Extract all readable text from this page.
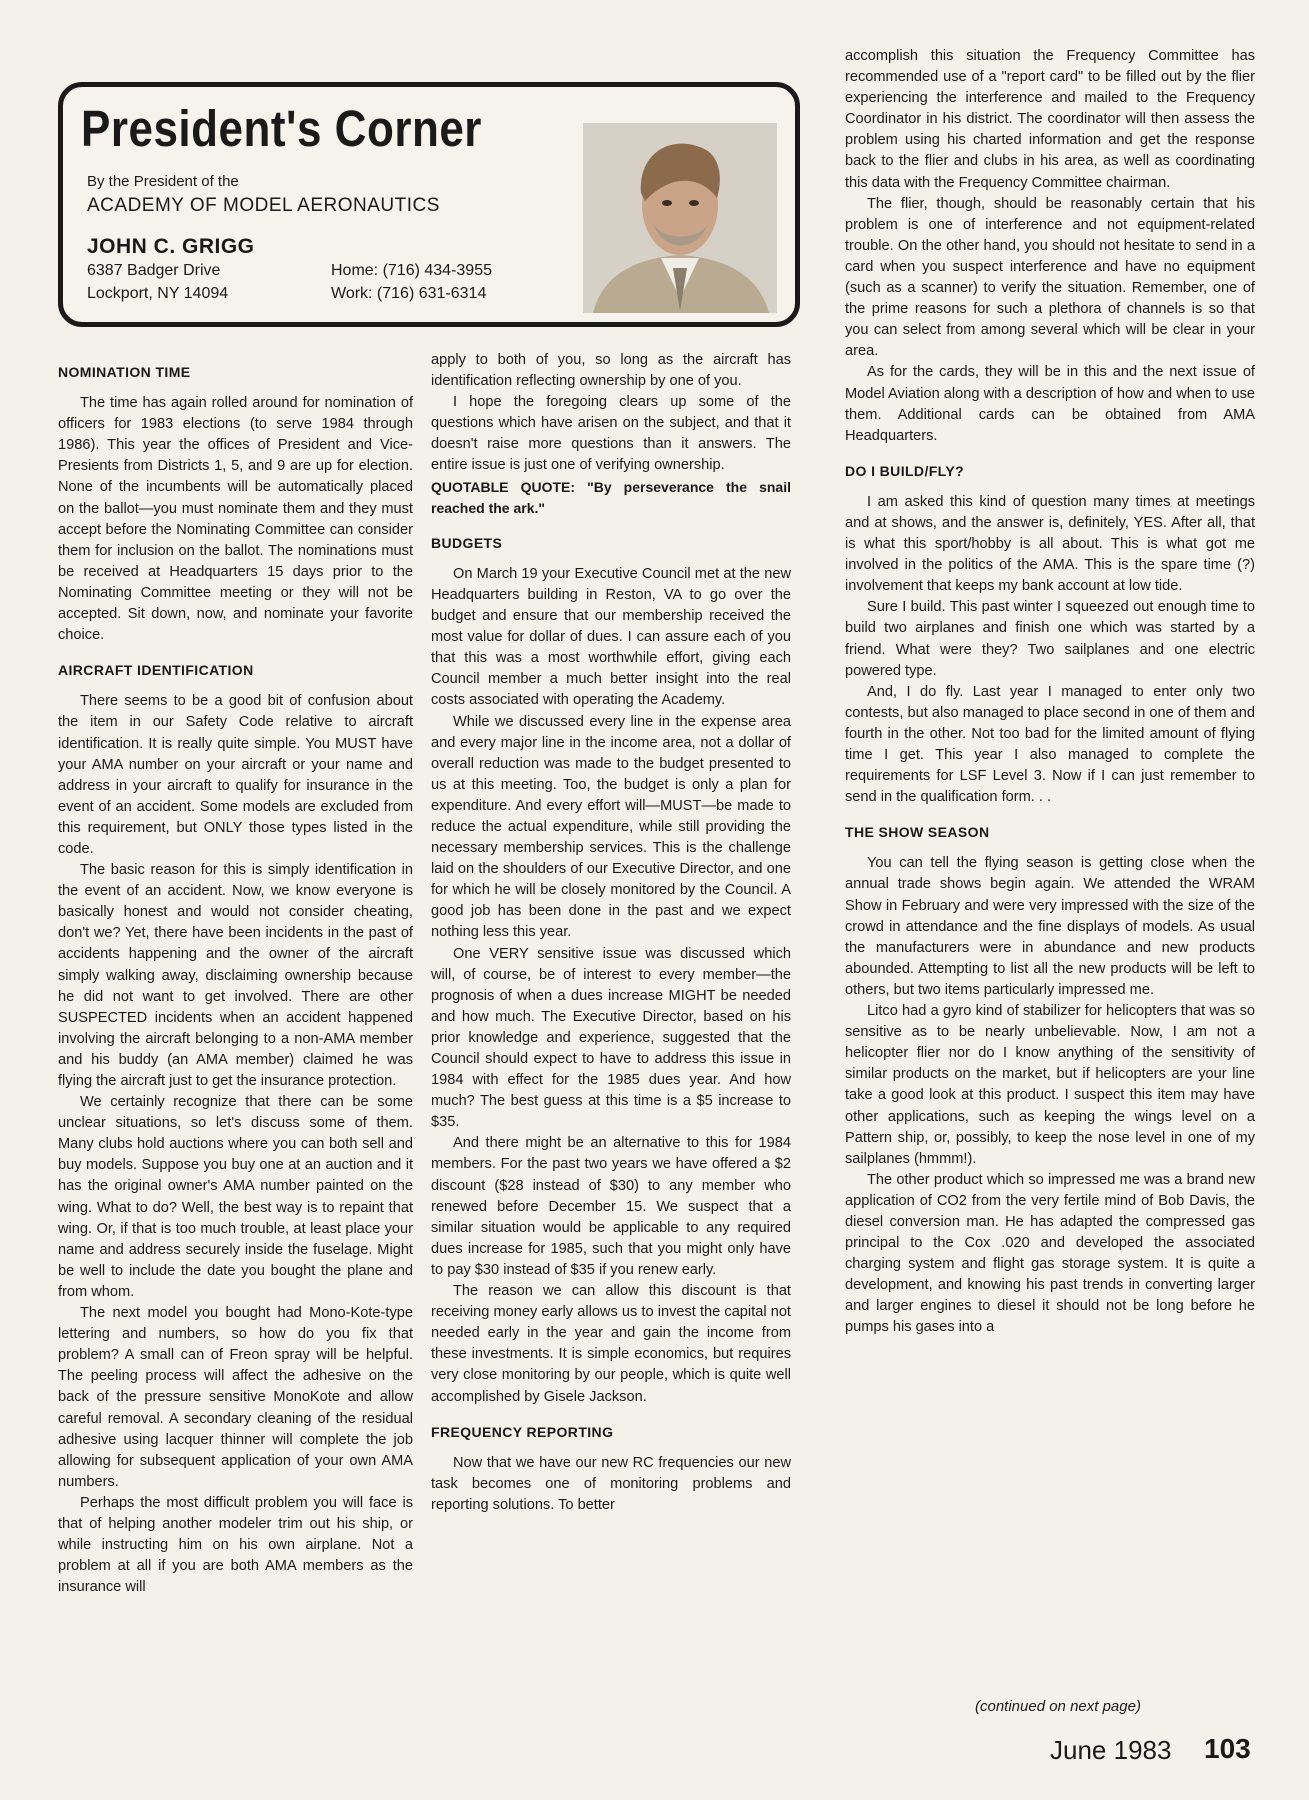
President's Corner
By the President of the
ACADEMY OF MODEL AERONAUTICS
JOHN C. GRIGG
6387 Badger Drive
Lockport, NY 14094
Home: (716) 434-3955
Work: (716) 631-6314
NOMINATION TIME

The time has again rolled around for nomination of officers for 1983 elections (to serve 1984 through 1986). This year the offices of President and Vice-Presients from Districts 1, 5, and 9 are up for election. None of the incumbents will be automatically placed on the ballot—you must nominate them and they must accept before the Nominating Committee can consider them for inclusion on the ballot. The nominations must be received at Headquarters 15 days prior to the Nominating Committee meeting or they will not be accepted. Sit down, now, and nominate your favorite choice.

AIRCRAFT IDENTIFICATION

There seems to be a good bit of confusion about the item in our Safety Code relative to aircraft identification. It is really quite simple. You MUST have your AMA number on your aircraft or your name and address in your aircraft to qualify for insurance in the event of an accident. Some models are excluded from this requirement, but ONLY those types listed in the code.

The basic reason for this is simply identification in the event of an accident. Now, we know everyone is basically honest and would not consider cheating, don't we? Yet, there have been incidents in the past of accidents happening and the owner of the aircraft simply walking away, disclaiming ownership because he did not want to get involved. There are other SUSPECTED incidents when an accident happened involving the aircraft belonging to a non-AMA member and his buddy (an AMA member) claimed he was flying the aircraft just to get the insurance protection.

We certainly recognize that there can be some unclear situations, so let's discuss some of them. Many clubs hold auctions where you can both sell and buy models. Suppose you buy one at an auction and it has the original owner's AMA number painted on the wing. What to do? Well, the best way is to repaint that wing. Or, if that is too much trouble, at least place your name and address securely inside the fuselage. Might be well to include the date you bought the plane and from whom.

The next model you bought had Mono-Kote-type lettering and numbers, so how do you fix that problem? A small can of Freon spray will be helpful. The peeling process will affect the adhesive on the back of the pressure sensitive MonoKote and allow careful removal. A secondary cleaning of the residual adhesive using lacquer thinner will complete the job allowing for subsequent application of your own AMA numbers.

Perhaps the most difficult problem you will face is that of helping another modeler trim out his ship, or while instructing him on his own airplane. Not a problem at all if you are both AMA members as the insurance will

apply to both of you, so long as the aircraft has identification reflecting ownership by one of you.

I hope the foregoing clears up some of the questions which have arisen on the subject, and that it doesn't raise more questions than it answers. The entire issue is just one of verifying ownership.

QUOTABLE QUOTE: "By perseverance the snail reached the ark."

BUDGETS

On March 19 your Executive Council met at the new Headquarters building in Reston, VA to go over the budget and ensure that our membership received the most value for dollar of dues. I can assure each of you that this was a most worthwhile effort, giving each Council member a much better insight into the real costs associated with operating the Academy.

While we discussed every line in the expense area and every major line in the income area, not a dollar of overall reduction was made to the budget presented to us at this meeting. Too, the budget is only a plan for expenditure. And every effort will—MUST—be made to reduce the actual expenditure, while still providing the necessary membership services. This is the challenge laid on the shoulders of our Executive Director, and one for which he will be closely monitored by the Council. A good job has been done in the past and we expect nothing less this year.

One VERY sensitive issue was discussed which will, of course, be of interest to every member—the prognosis of when a dues increase MIGHT be needed and how much. The Executive Director, based on his prior knowledge and experience, suggested that the Council should expect to have to address this issue in 1984 with effect for the 1985 dues year. And how much? The best guess at this time is a $5 increase to $35.

And there might be an alternative to this for 1984 members. For the past two years we have offered a $2 discount ($28 instead of $30) to any member who renewed before December 15. We suspect that a similar situation would be applicable to any required dues increase for 1985, such that you might only have to pay $30 instead of $35 if you renew early.

The reason we can allow this discount is that receiving money early allows us to invest the capital not needed early in the year and gain the income from these investments. It is simple economics, but requires very close monitoring by our people, which is quite well accomplished by Gisele Jackson.

FREQUENCY REPORTING

Now that we have our new RC frequencies our new task becomes one of monitoring problems and reporting solutions. To better

accomplish this situation the Frequency Committee has recommended use of a "report card" to be filled out by the flier experiencing the interference and mailed to the Frequency Coordinator in his district. The coordinator will then assess the problem using his charted information and get the response back to the flier and clubs in his area, as well as coordinating this data with the Frequency Committee chairman.

The flier, though, should be reasonably certain that his problem is one of interference and not equipment-related trouble. On the other hand, you should not hesitate to send in a card when you suspect interference and have no equipment (such as a scanner) to verify the situation. Remember, one of the prime reasons for such a plethora of channels is so that you can select from among several which will be clear in your area.

As for the cards, they will be in this and the next issue of Model Aviation along with a description of how and when to use them. Additional cards can be obtained from AMA Headquarters.

DO I BUILD/FLY?

I am asked this kind of question many times at meetings and at shows, and the answer is, definitely, YES. After all, that is what this sport/hobby is all about. This is what got me involved in the politics of the AMA. This is the spare time (?) involvement that keeps my bank account at low tide.

Sure I build. This past winter I squeezed out enough time to build two airplanes and finish one which was started by a friend. What were they? Two sailplanes and one electric powered type.

And, I do fly. Last year I managed to enter only two contests, but also managed to place second in one of them and fourth in the other. Not too bad for the limited amount of flying time I get. This year I also managed to complete the requirements for LSF Level 3. Now if I can just remember to send in the qualification form. . .

THE SHOW SEASON

You can tell the flying season is getting close when the annual trade shows begin again. We attended the WRAM Show in February and were very impressed with the size of the crowd in attendance and the fine displays of models. As usual the manufacturers were in abundance and new products abounded. Attempting to list all the new products will be left to others, but two items particularly impressed me.

Litco had a gyro kind of stabilizer for helicopters that was so sensitive as to be nearly unbelievable. Now, I am not a helicopter flier nor do I know anything of the sensitivity of similar products on the market, but if helicopters are your line take a good look at this product. I suspect this item may have other applications, such as keeping the wings level on a Pattern ship, or, possibly, to keep the nose level in one of my sailplanes (hmmm!).

The other product which so impressed me was a brand new application of CO2 from the very fertile mind of Bob Davis, the diesel conversion man. He has adapted the compressed gas principal to the Cox .020 and developed the associated charging system and flight gas storage system. It is quite a development, and knowing his past trends in converting larger and larger engines to diesel it should not be long before he pumps his gases into a

(continued on next page)
June 1983 103
